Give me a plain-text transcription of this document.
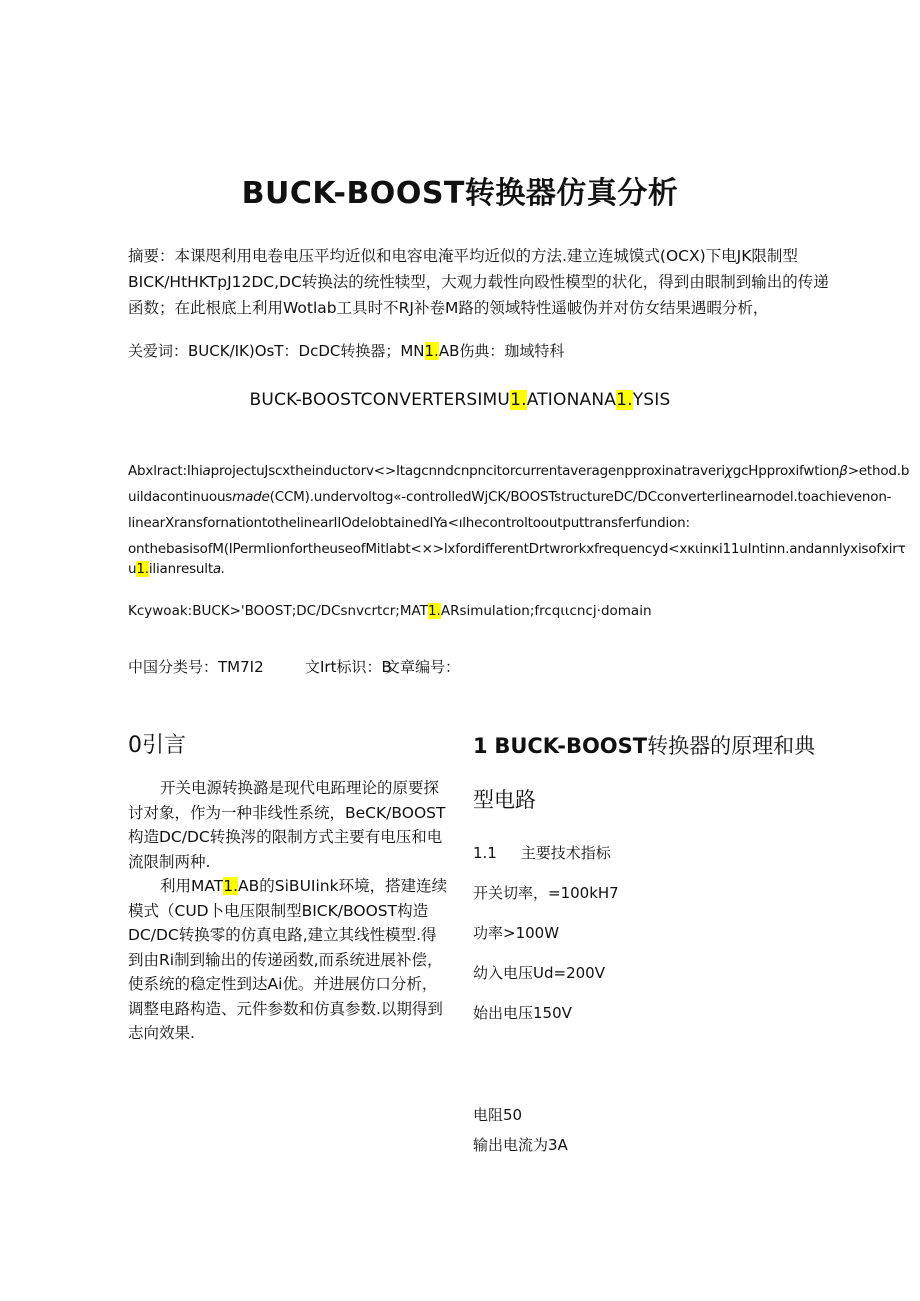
BUCK-BOOST转换器仿真分析
摘要：本课咫利用电卷电压平均近似和电容电淹平均近似的方法.建立连城馍式(OCX)下电JK限制型
BICK/HtHKTpJ12DC,DC转换法的统性犊型，大观力载性向殴性模型的状化，得到由眼制到输出的传递
函数；在此根底上利用Wotlab工具时不RJ补卷M路的领域特性遥帔伪并对仿女结果遇暇分析，
关爱词：BUCK/IK)OsT：DcDC转换器；MN1.AB伤典：珈域特科
BUCK-BOOSTCONVERTERSIMU1.ATIONANA1.YSIS
Abxlract:IhiaprojectuJscxtheinductorv<>ItagcnndcnpncitorcurrentaveragenpproxinatraveriχgcHpproxifwtionβ>ethod.b
uildacontinuousmade(CCM).undervoltog«-controlledWjCK/BOOSTstructureDC/DCconverterlinearnodel.toachievenon-
linearXransfornationtothelinearIIOdelobtainedIYa<ılhecontroltooutputtransferfundion:
onthebasisofM(IPermIionfortheuseofMitlabt<×>lxfordifferentDrtwrorkxfrequencyd<xκιinκi11uIntinn.andannlyxisofxirτ
u1.ilianresulta.
Kcywoak:BUCK>'BOOST;DC/DCsnvcrtcr;MAT1.ARsimulation;frcqιιcncj·domain
中国分类号：TM7I2	文Irt标识：B
文章编号：
0引言
开关电源转换潞是现代电跖理论的原要探讨对象，作为一种非线性系统，BeCK/BOOST构造DC/DC转换涔的限制方式主要有电压和电流限制两种.
利用MAT1.AB的SiBUIink环境，搭建连续模式（CUD卜电压限制型BICK/BOOST构造DC/DC转换零的仿真电路,建立其线性模型.得到由Ri制到输出的传递函数,而系统进展补偿，使系统的稳定性到达Ai优。并进展仿口分析，调整电路构造、元件参数和仿真参数.以期得到志向效果.
1 BUCK-BOOST转换器的原理和典
型电路
1.1     主要技术指标
开关切率，=100kH7
功率>100W
幼入电压Ud=200V
始出电压150V
电阻50
输出电流为3A
